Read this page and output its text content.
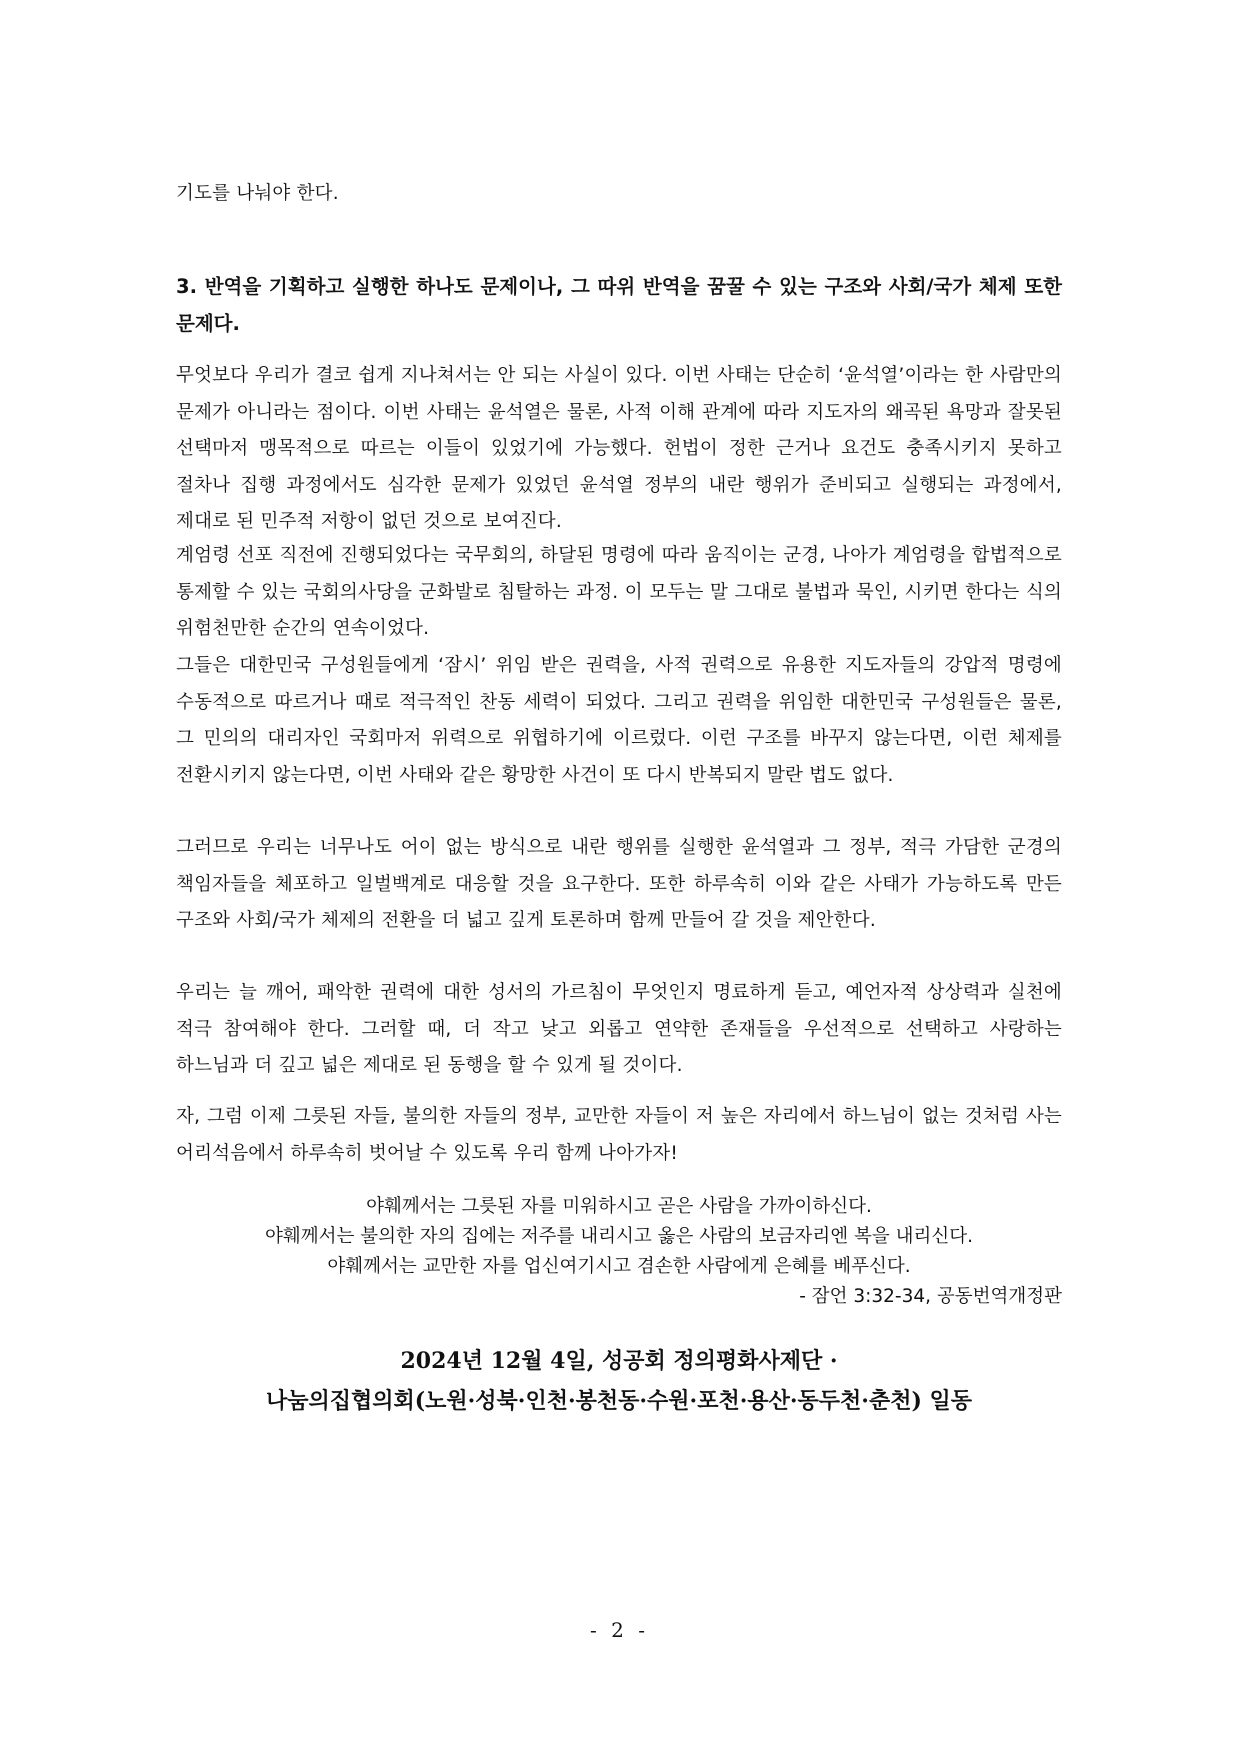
기도를 나눠야 한다.

3. 반역을 기획하고 실행한 하나도 문제이나, 그 따위 반역을 꿈꿀 수 있는 구조와 사회/국가 체제 또한 문제다.

무엇보다 우리가 결코 쉽게 지나쳐서는 안 되는 사실이 있다. 이번 사태는 단순히 ‘윤석열’이라는 한 사람만의 문제가 아니라는 점이다. 이번 사태는 윤석열은 물론, 사적 이해 관계에 따라 지도자의 왜곡된 욕망과 잘못된 선택마저 맹목적으로 따르는 이들이 있었기에 가능했다. 헌법이 정한 근거나 요건도 충족시키지 못하고 절차나 집행 과정에서도 심각한 문제가 있었던 윤석열 정부의 내란 행위가 준비되고 실행되는 과정에서, 제대로 된 민주적 저항이 없던 것으로 보여진다.

계엄령 선포 직전에 진행되었다는 국무회의, 하달된 명령에 따라 움직이는 군경, 나아가 계엄령을 합법적으로 통제할 수 있는 국회의사당을 군화발로 침탈하는 과정. 이 모두는 말 그대로 불법과 묵인, 시키면 한다는 식의 위험천만한 순간의 연속이었다.

그들은 대한민국 구성원들에게 ‘잠시’ 위임 받은 권력을, 사적 권력으로 유용한 지도자들의 강압적 명령에 수동적으로 따르거나 때로 적극적인 찬동 세력이 되었다. 그리고 권력을 위임한 대한민국 구성원들은 물론, 그 민의의 대리자인 국회마저 위력으로 위협하기에 이르렀다. 이런 구조를 바꾸지 않는다면, 이런 체제를 전환시키지 않는다면, 이번 사태와 같은 황망한 사건이 또 다시 반복되지 말란 법도 없다.

그러므로 우리는 너무나도 어이 없는 방식으로 내란 행위를 실행한 윤석열과 그 정부, 적극 가담한 군경의 책임자들을 체포하고 일벌백계로 대응할 것을 요구한다. 또한 하루속히 이와 같은 사태가 가능하도록 만든 구조와 사회/국가 체제의 전환을 더 넓고 깊게 토론하며 함께 만들어 갈 것을 제안한다.

우리는 늘 깨어, 패악한 권력에 대한 성서의 가르침이 무엇인지 명료하게 듣고, 예언자적 상상력과 실천에 적극 참여해야 한다. 그러할 때, 더 작고 낮고 외롭고 연약한 존재들을 우선적으로 선택하고 사랑하는 하느님과 더 깊고 넓은 제대로 된 동행을 할 수 있게 될 것이다.

자, 그럼 이제 그릇된 자들, 불의한 자들의 정부, 교만한 자들이 저 높은 자리에서 하느님이 없는 것처럼 사는 어리석음에서 하루속히 벗어날 수 있도록 우리 함께 나아가자!

야훼께서는 그릇된 자를 미워하시고 곧은 사람을 가까이하신다.
야훼께서는 불의한 자의 집에는 저주를 내리시고 옳은 사람의 보금자리엔 복을 내리신다.
야훼께서는 교만한 자를 업신여기시고 겸손한 사람에게 은혜를 베푸신다.
- 잠언 3:32-34, 공동번역개정판
2024년 12월 4일, 성공회 정의평화사제단 ·
나눔의집협의회(노원·성북·인천·봉천동·수원·포천·용산·동두천·춘천) 일동
- 2 -
